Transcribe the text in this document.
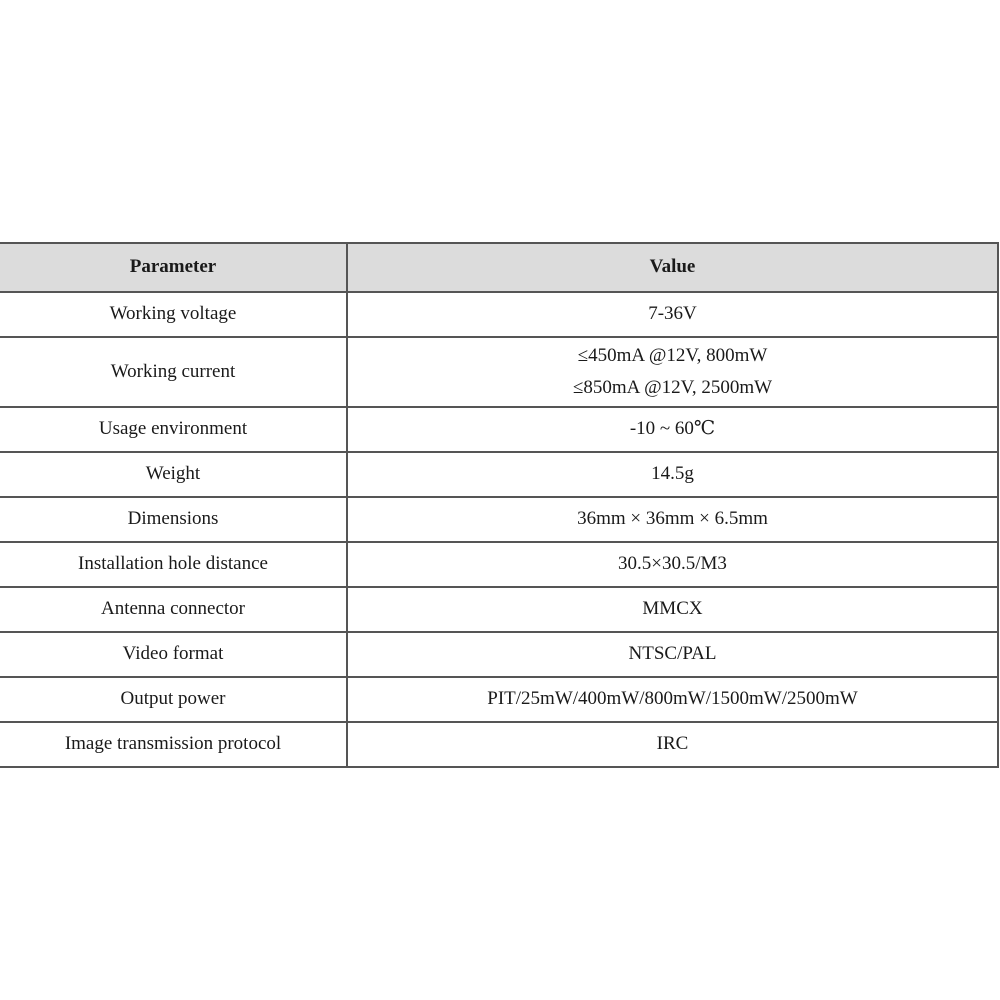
Parameter	Value

Working voltage	7-36V

Working current	≤450mA @12V, 800mW
≤850mA @12V, 2500mW

Usage environment	-10 ~ 60℃

Weight	14.5g

Dimensions	36mm × 36mm × 6.5mm

Installation hole distance	30.5×30.5/M3

Antenna connector	MMCX

Video format	NTSC/PAL

Output power	PIT/25mW/400mW/800mW/1500mW/2500mW

Image transmission protocol	IRC
